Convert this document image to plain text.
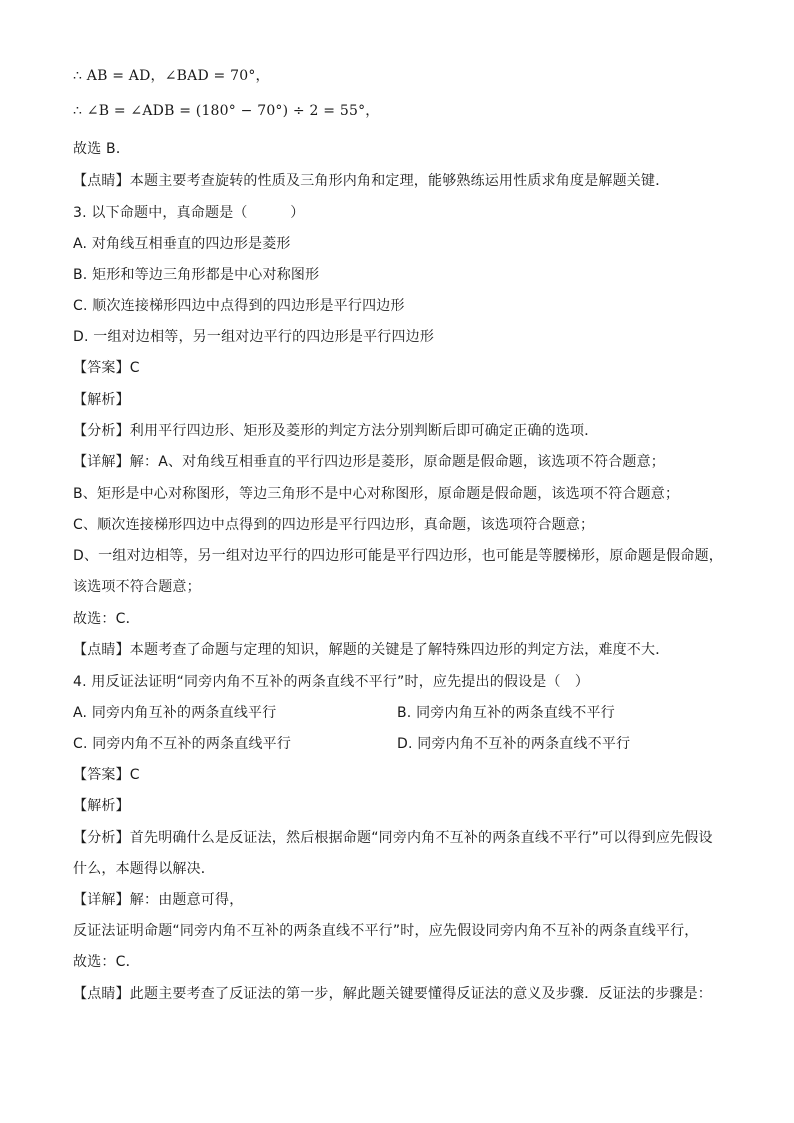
∴ AB = AD，∠BAD = 70°，
∴ ∠B = ∠ADB = (180° − 70°) ÷ 2 = 55°，
故选 B．
【点睛】本题主要考查旋转的性质及三角形内角和定理，能够熟练运用性质求角度是解题关键．
3. 以下命题中，真命题是（　　　）
A. 对角线互相垂直的四边形是菱形
B. 矩形和等边三角形都是中心对称图形
C. 顺次连接梯形四边中点得到的四边形是平行四边形
D. 一组对边相等，另一组对边平行的四边形是平行四边形
【答案】C
【解析】
【分析】利用平行四边形、矩形及菱形的判定方法分别判断后即可确定正确的选项．
【详解】解：A、对角线互相垂直的平行四边形是菱形，原命题是假命题，该选项不符合题意；
B、矩形是中心对称图形，等边三角形不是中心对称图形，原命题是假命题，该选项不符合题意；
C、顺次连接梯形四边中点得到的四边形是平行四边形，真命题，该选项符合题意；
D、一组对边相等，另一组对边平行的四边形可能是平行四边形，也可能是等腰梯形，原命题是假命题，
该选项不符合题意；
故选：C．
【点睛】本题考查了命题与定理的知识，解题的关键是了解特殊四边形的判定方法，难度不大．
4. 用反证法证明“同旁内角不互补的两条直线不平行”时，应先提出的假设是（　）
A. 同旁内角互补的两条直线平行	B. 同旁内角互补的两条直线不平行
C. 同旁内角不互补的两条直线平行	D. 同旁内角不互补的两条直线不平行
【答案】C
【解析】
【分析】首先明确什么是反证法，然后根据命题“同旁内角不互补的两条直线不平行”可以得到应先假设
什么，本题得以解决．
【详解】解：由题意可得，
反证法证明命题“同旁内角不互补的两条直线不平行”时，应先假设同旁内角不互补的两条直线平行，
故选：C．
【点睛】此题主要考查了反证法的第一步，解此题关键要懂得反证法的意义及步骤．反证法的步骤是：
